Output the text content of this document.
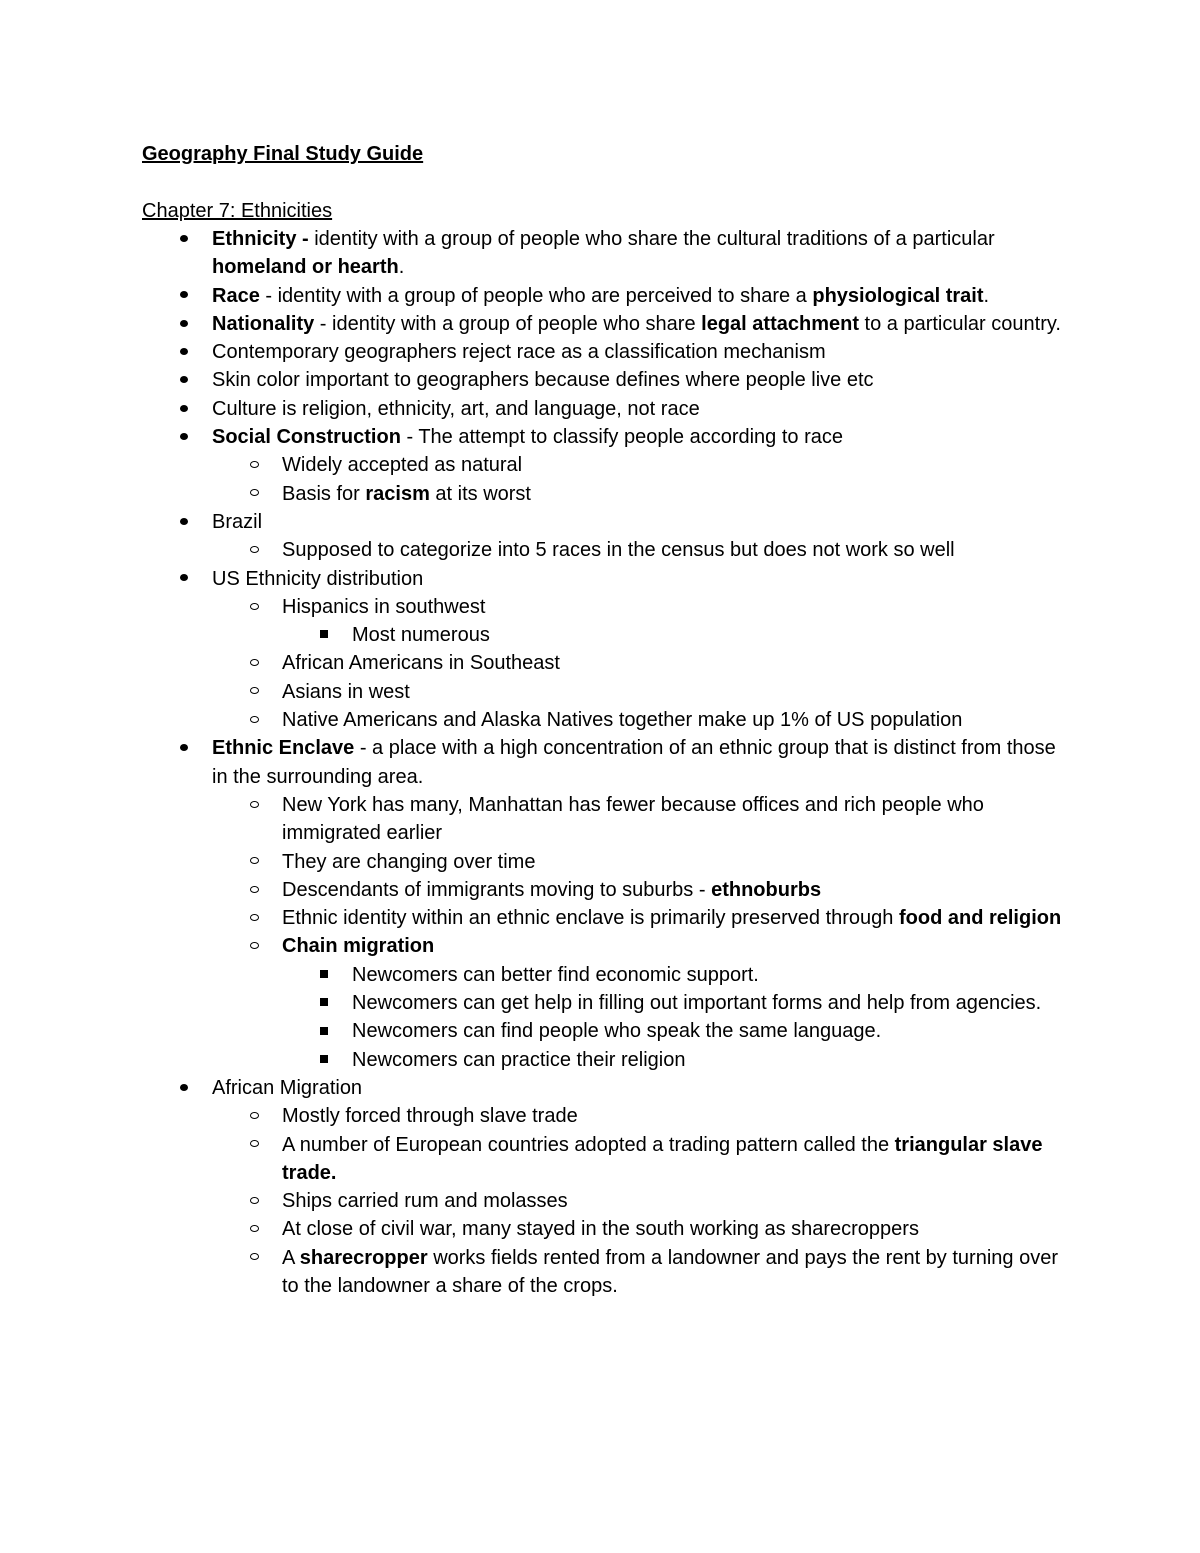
Geography Final Study Guide

Chapter 7: Ethnicities

Ethnicity - identity with a group of people who share the cultural traditions of a particular homeland or hearth.
Race - identity with a group of people who are perceived to share a physiological trait.
Nationality - identity with a group of people who share legal attachment to a particular country.
Contemporary geographers reject race as a classification mechanism
Skin color important to geographers because defines where people live etc
Culture is religion, ethnicity, art, and language, not race
Social Construction - The attempt to classify people according to race
Widely accepted as natural
Basis for racism at its worst
Brazil
Supposed to categorize into 5 races in the census but does not work so well
US Ethnicity distribution
Hispanics in southwest
Most numerous
African Americans in Southeast
Asians in west
Native Americans and Alaska Natives together make up 1% of US population
Ethnic Enclave - a place with a high concentration of an ethnic group that is distinct from those in the surrounding area.
New York has many, Manhattan has fewer because offices and rich people who immigrated earlier
They are changing over time
Descendants of immigrants moving to suburbs - ethnoburbs
Ethnic identity within an ethnic enclave is primarily preserved through food and religion
Chain migration
Newcomers can better find economic support.
Newcomers can get help in filling out important forms and help from agencies.
Newcomers can find people who speak the same language.
Newcomers can practice their religion
African Migration
Mostly forced through slave trade
A number of European countries adopted a trading pattern called the triangular slave trade.
Ships carried rum and molasses
At close of civil war, many stayed in the south working as sharecroppers
A sharecropper works fields rented from a landowner and pays the rent by turning over to the landowner a share of the crops.
